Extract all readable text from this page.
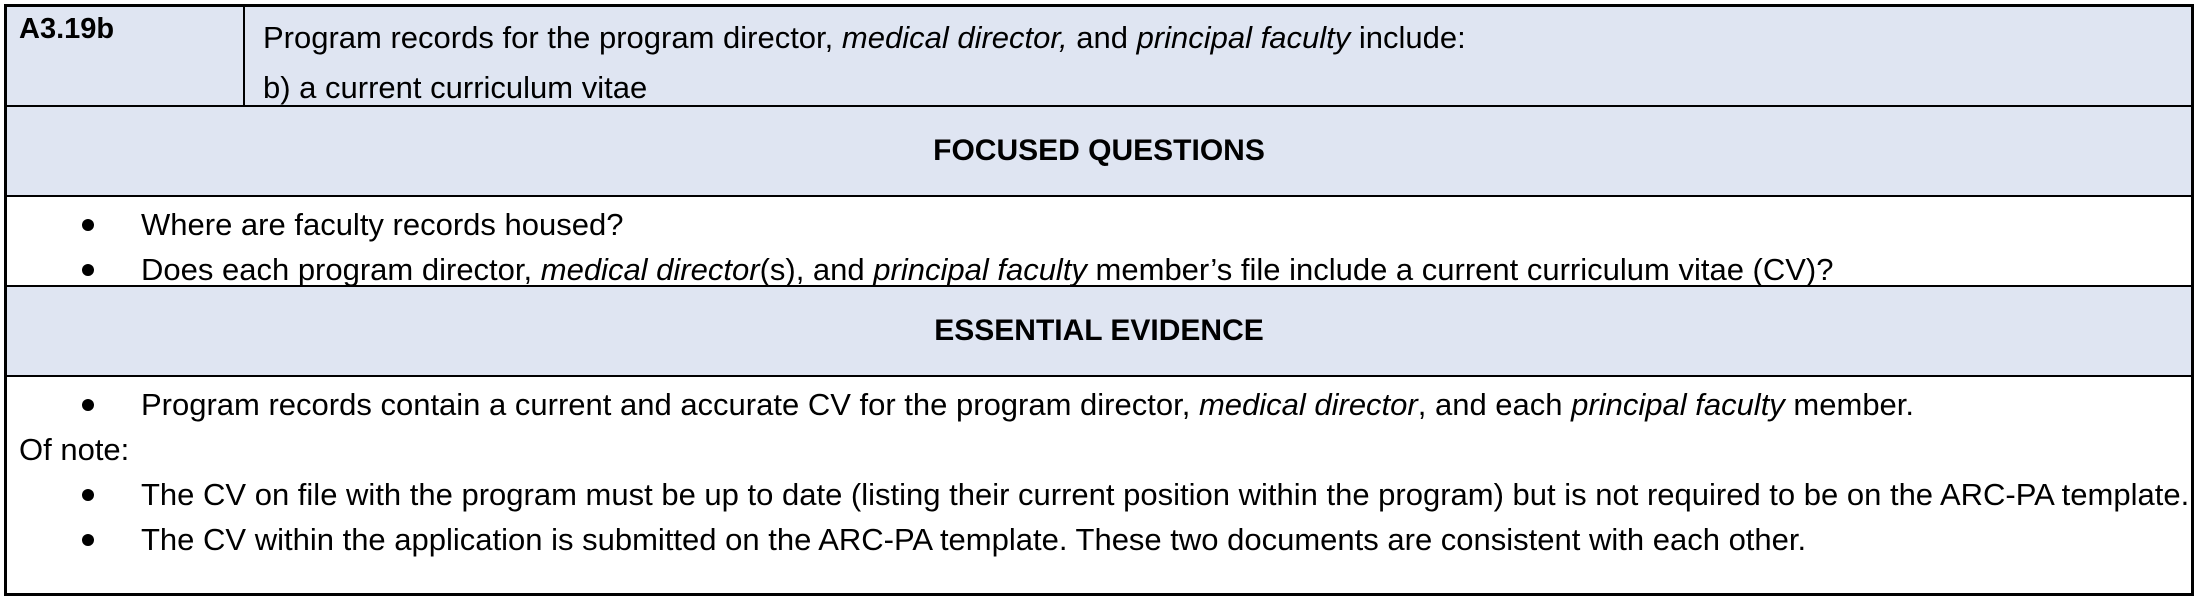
A3.19b	Program records for the program director, medical director, and principal faculty include:
b) a current curriculum vitae
FOCUSED QUESTIONS
Where are faculty records housed?
Does each program director, medical director(s), and principal faculty member’s file include a current curriculum vitae (CV)?
ESSENTIAL EVIDENCE
Program records contain a current and accurate CV for the program director, medical director, and each principal faculty member.
Of note:
The CV on file with the program must be up to date (listing their current position within the program) but is not required to be on the ARC-PA template.
The CV within the application is submitted on the ARC-PA template. These two documents are consistent with each other.
